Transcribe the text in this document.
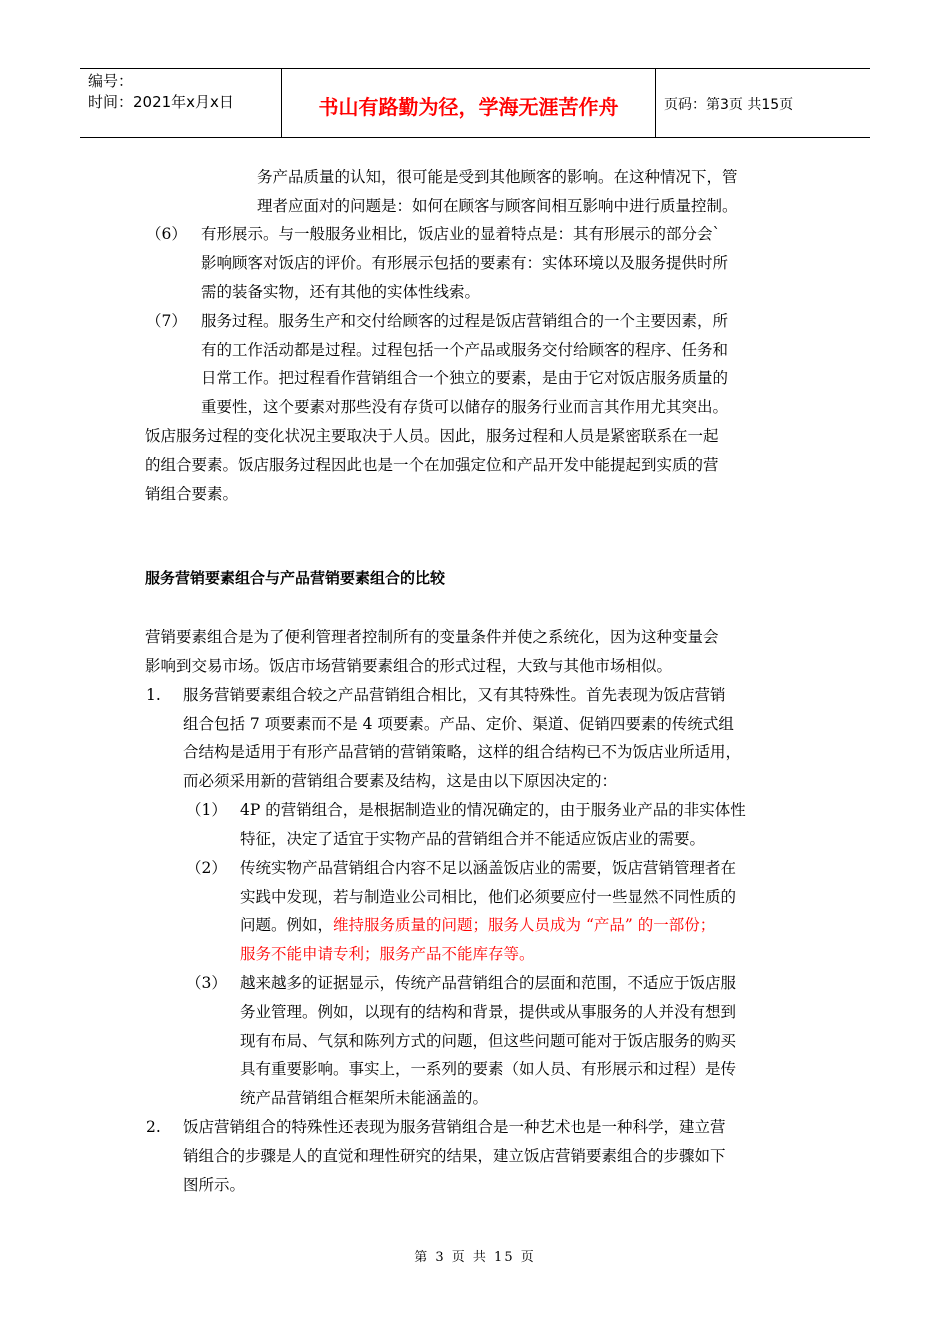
编号：
时间：2021年x月x日	书山有路勤为径，学海无涯苦作舟	页码：第3页 共15页
务产品质量的认知，很可能是受到其他顾客的影响。在这种情况下，管
理者应面对的问题是：如何在顾客与顾客间相互影响中进行质量控制。
（6） 有形展示。与一般服务业相比，饭店业的显着特点是：其有形展示的部分会`
影响顾客对饭店的评价。有形展示包括的要素有：实体环境以及服务提供时所
需的装备实物，还有其他的实体性线索。
（7） 服务过程。服务生产和交付给顾客的过程是饭店营销组合的一个主要因素，所
有的工作活动都是过程。过程包括一个产品或服务交付给顾客的程序、任务和
日常工作。把过程看作营销组合一个独立的要素，是由于它对饭店服务质量的
重要性，这个要素对那些没有存货可以储存的服务行业而言其作用尤其突出。
饭店服务过程的变化状况主要取决于人员。因此，服务过程和人员是紧密联系在一起
的组合要素。饭店服务过程因此也是一个在加强定位和产品开发中能提起到实质的营
销组合要素。
服务营销要素组合与产品营销要素组合的比较
营销要素组合是为了便利管理者控制所有的变量条件并使之系统化，因为这种变量会
影响到交易市场。饭店市场营销要素组合的形式过程，大致与其他市场相似。
1. 服务营销要素组合较之产品营销组合相比，又有其特殊性。首先表现为饭店营销
组合包括 7 项要素而不是 4 项要素。产品、定价、渠道、促销四要素的传统式组
合结构是适用于有形产品营销的营销策略，这样的组合结构已不为饭店业所适用，
而必须采用新的营销组合要素及结构，这是由以下原因决定的：
（1） 4P 的营销组合，是根据制造业的情况确定的，由于服务业产品的非实体性
特征，决定了适宜于实物产品的营销组合并不能适应饭店业的需要。
（2） 传统实物产品营销组合内容不足以涵盖饭店业的需要，饭店营销管理者在
实践中发现，若与制造业公司相比，他们必须要应付一些显然不同性质的
问题。例如，维持服务质量的问题；服务人员成为 “产品” 的一部份；
服务不能申请专利；服务产品不能库存等。
（3） 越来越多的证据显示，传统产品营销组合的层面和范围，不适应于饭店服
务业管理。例如，以现有的结构和背景，提供或从事服务的人并没有想到
现有布局、气氛和陈列方式的问题，但这些问题可能对于饭店服务的购买
具有重要影响。事实上，一系列的要素（如人员、有形展示和过程）是传
统产品营销组合框架所未能涵盖的。
2. 饭店营销组合的特殊性还表现为服务营销组合是一种艺术也是一种科学，建立营
销组合的步骤是人的直觉和理性研究的结果，建立饭店营销要素组合的步骤如下
图所示。
第 3 页 共 15 页
